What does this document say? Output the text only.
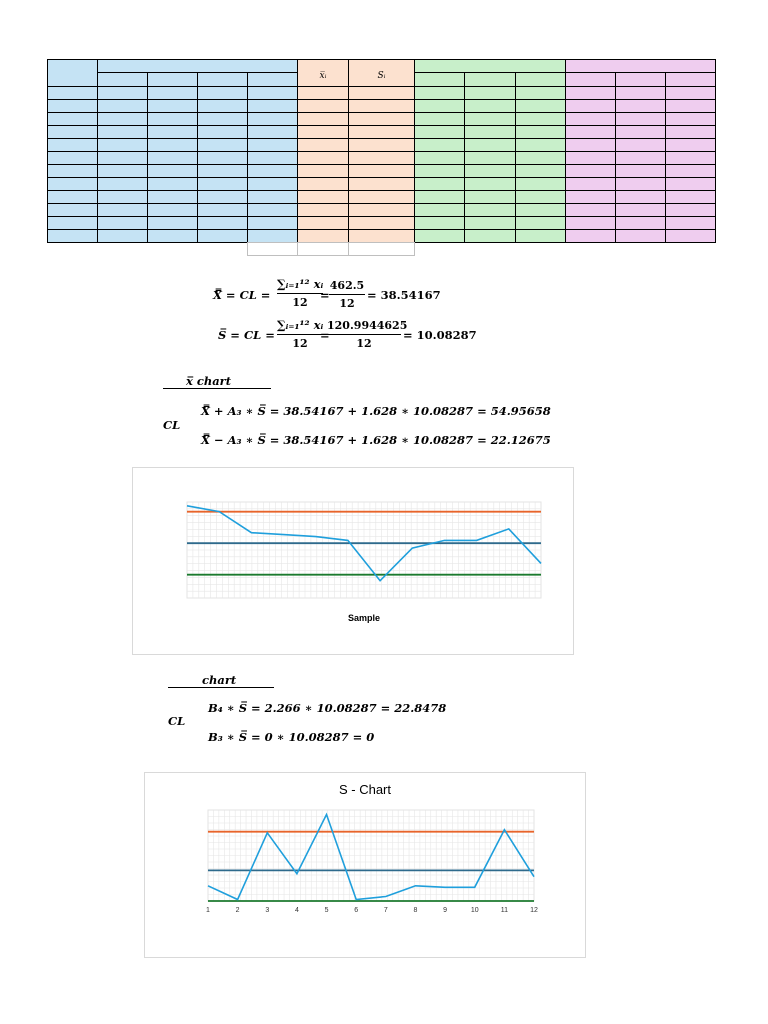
x̅ᵢ	Sᵢ
X̿ = CL = $\frac{\text{∑ᵢ₌₁¹² xᵢ}}{12}$
= $\frac{462.5}{12} = 38.54167$
S̅ = CL = $\frac{\text{∑ᵢ₌₁¹² xᵢ}}{12}$
=
$\frac{120.9944625}{12} = 10.08287$
x̅ chart
CL
X̿ + A₃ ∗ S̅ = 38.54167 + 1.628 ∗ 10.08287 = 54.95658
X̿ − A₃ ∗ S̅ = 38.54167 + 1.628 ∗ 10.08287 = 22.12675
Sample
chart
CL
B₄ ∗ S̅ = 2.266 ∗ 10.08287 = 22.8478
B₃ ∗ S̅ = 0 ∗ 10.08287 = 0
S - Chart
1	2	3	4	5	6	7	8	9	10	11	12
